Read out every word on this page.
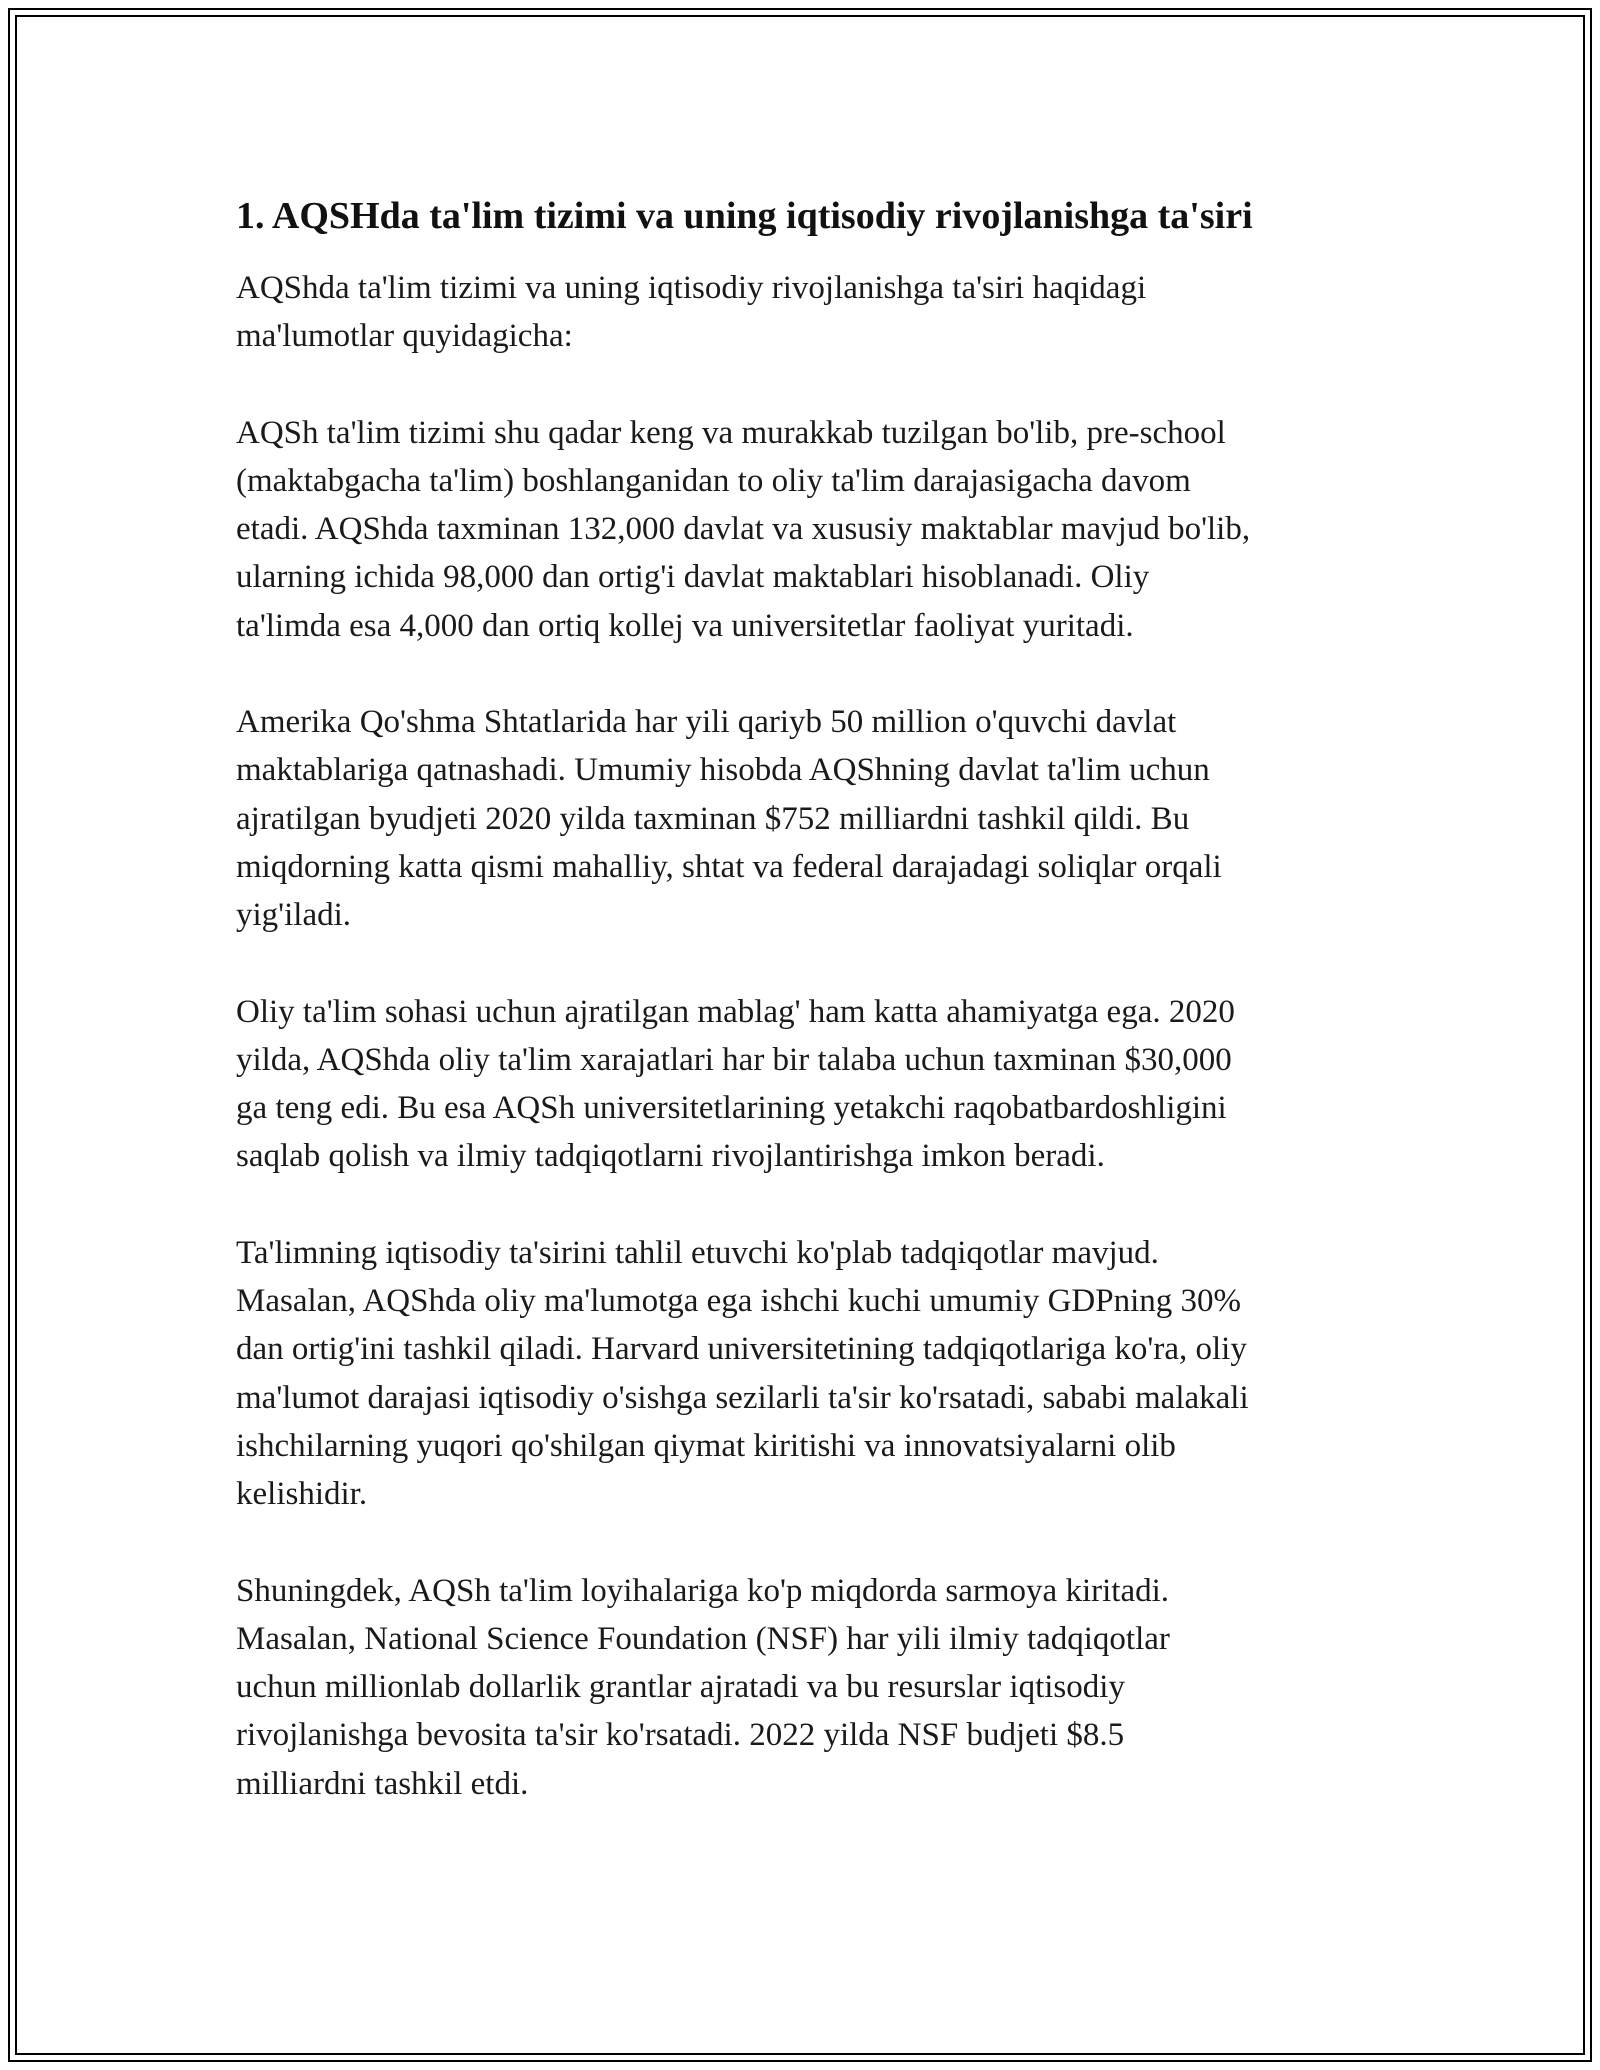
1. AQSHda ta'lim tizimi va uning iqtisodiy rivojlanishga ta'siri

AQShda ta'lim tizimi va uning iqtisodiy rivojlanishga ta'siri haqidagi
ma'lumotlar quyidagicha:

AQSh ta'lim tizimi shu qadar keng va murakkab tuzilgan bo'lib, pre-school
(maktabgacha ta'lim) boshlanganidan to oliy ta'lim darajasigacha davom
etadi. AQShda taxminan 132,000 davlat va xususiy maktablar mavjud bo'lib,
ularning ichida 98,000 dan ortig'i davlat maktablari hisoblanadi. Oliy
ta'limda esa 4,000 dan ortiq kollej va universitetlar faoliyat yuritadi.

Amerika Qo'shma Shtatlarida har yili qariyb 50 million o'quvchi davlat
maktablariga qatnashadi. Umumiy hisobda AQShning davlat ta'lim uchun
ajratilgan byudjeti 2020 yilda taxminan $752 milliardni tashkil qildi. Bu
miqdorning katta qismi mahalliy, shtat va federal darajadagi soliqlar orqali
yig'iladi.

Oliy ta'lim sohasi uchun ajratilgan mablag' ham katta ahamiyatga ega. 2020
yilda, AQShda oliy ta'lim xarajatlari har bir talaba uchun taxminan $30,000
ga teng edi. Bu esa AQSh universitetlarining yetakchi raqobatbardoshligini
saqlab qolish va ilmiy tadqiqotlarni rivojlantirishga imkon beradi.

Ta'limning iqtisodiy ta'sirini tahlil etuvchi ko'plab tadqiqotlar mavjud.
Masalan, AQShda oliy ma'lumotga ega ishchi kuchi umumiy GDPning 30%
dan ortig'ini tashkil qiladi. Harvard universitetining tadqiqotlariga ko'ra, oliy
ma'lumot darajasi iqtisodiy o'sishga sezilarli ta'sir ko'rsatadi, sababi malakali
ishchilarning yuqori qo'shilgan qiymat kiritishi va innovatsiyalarni olib
kelishidir.

Shuningdek, AQSh ta'lim loyihalariga ko'p miqdorda sarmoya kiritadi.
Masalan, National Science Foundation (NSF) har yili ilmiy tadqiqotlar
uchun millionlab dollarlik grantlar ajratadi va bu resurslar iqtisodiy
rivojlanishga bevosita ta'sir ko'rsatadi. 2022 yilda NSF budjeti $8.5
milliardni tashkil etdi.
